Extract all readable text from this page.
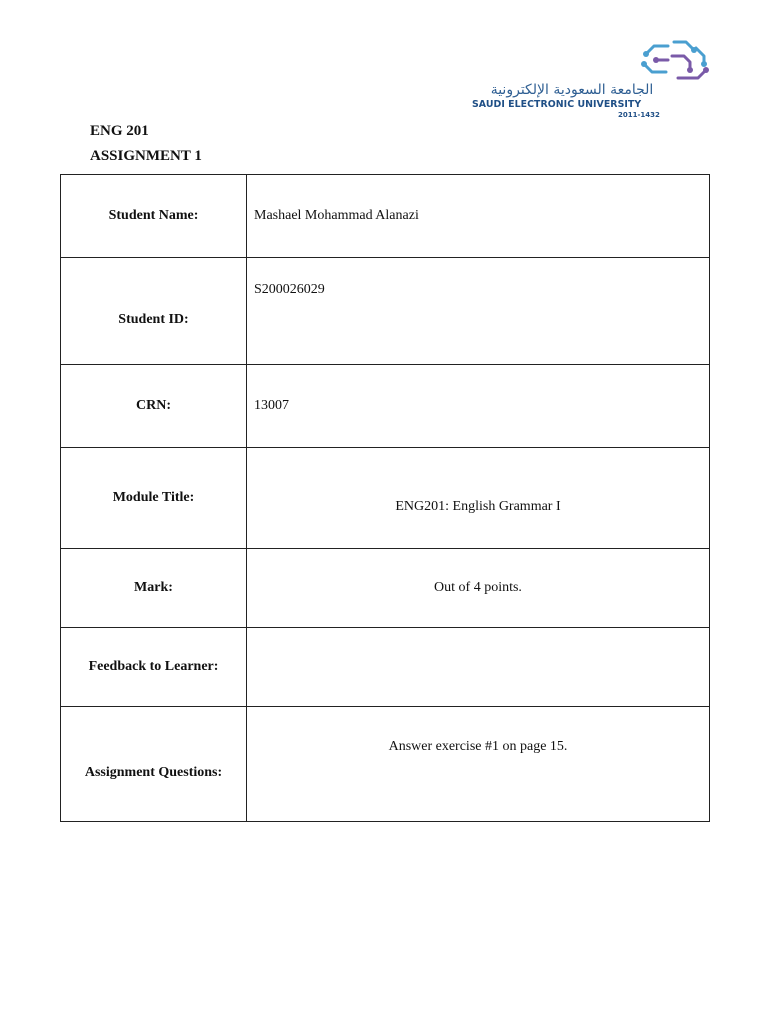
الجامعة السعودية الإلكترونية
SAUDI ELECTRONIC UNIVERSITY
2011-1432
ENG 201
ASSIGNMENT 1
Student Name:	Mashael Mohammad Alanazi
Student ID:	S200026029
CRN:	13007
Module Title:	ENG201: English Grammar I
Mark:	Out of 4 points.
Feedback to Learner:	
Assignment Questions:	Answer exercise #1 on page 15.
